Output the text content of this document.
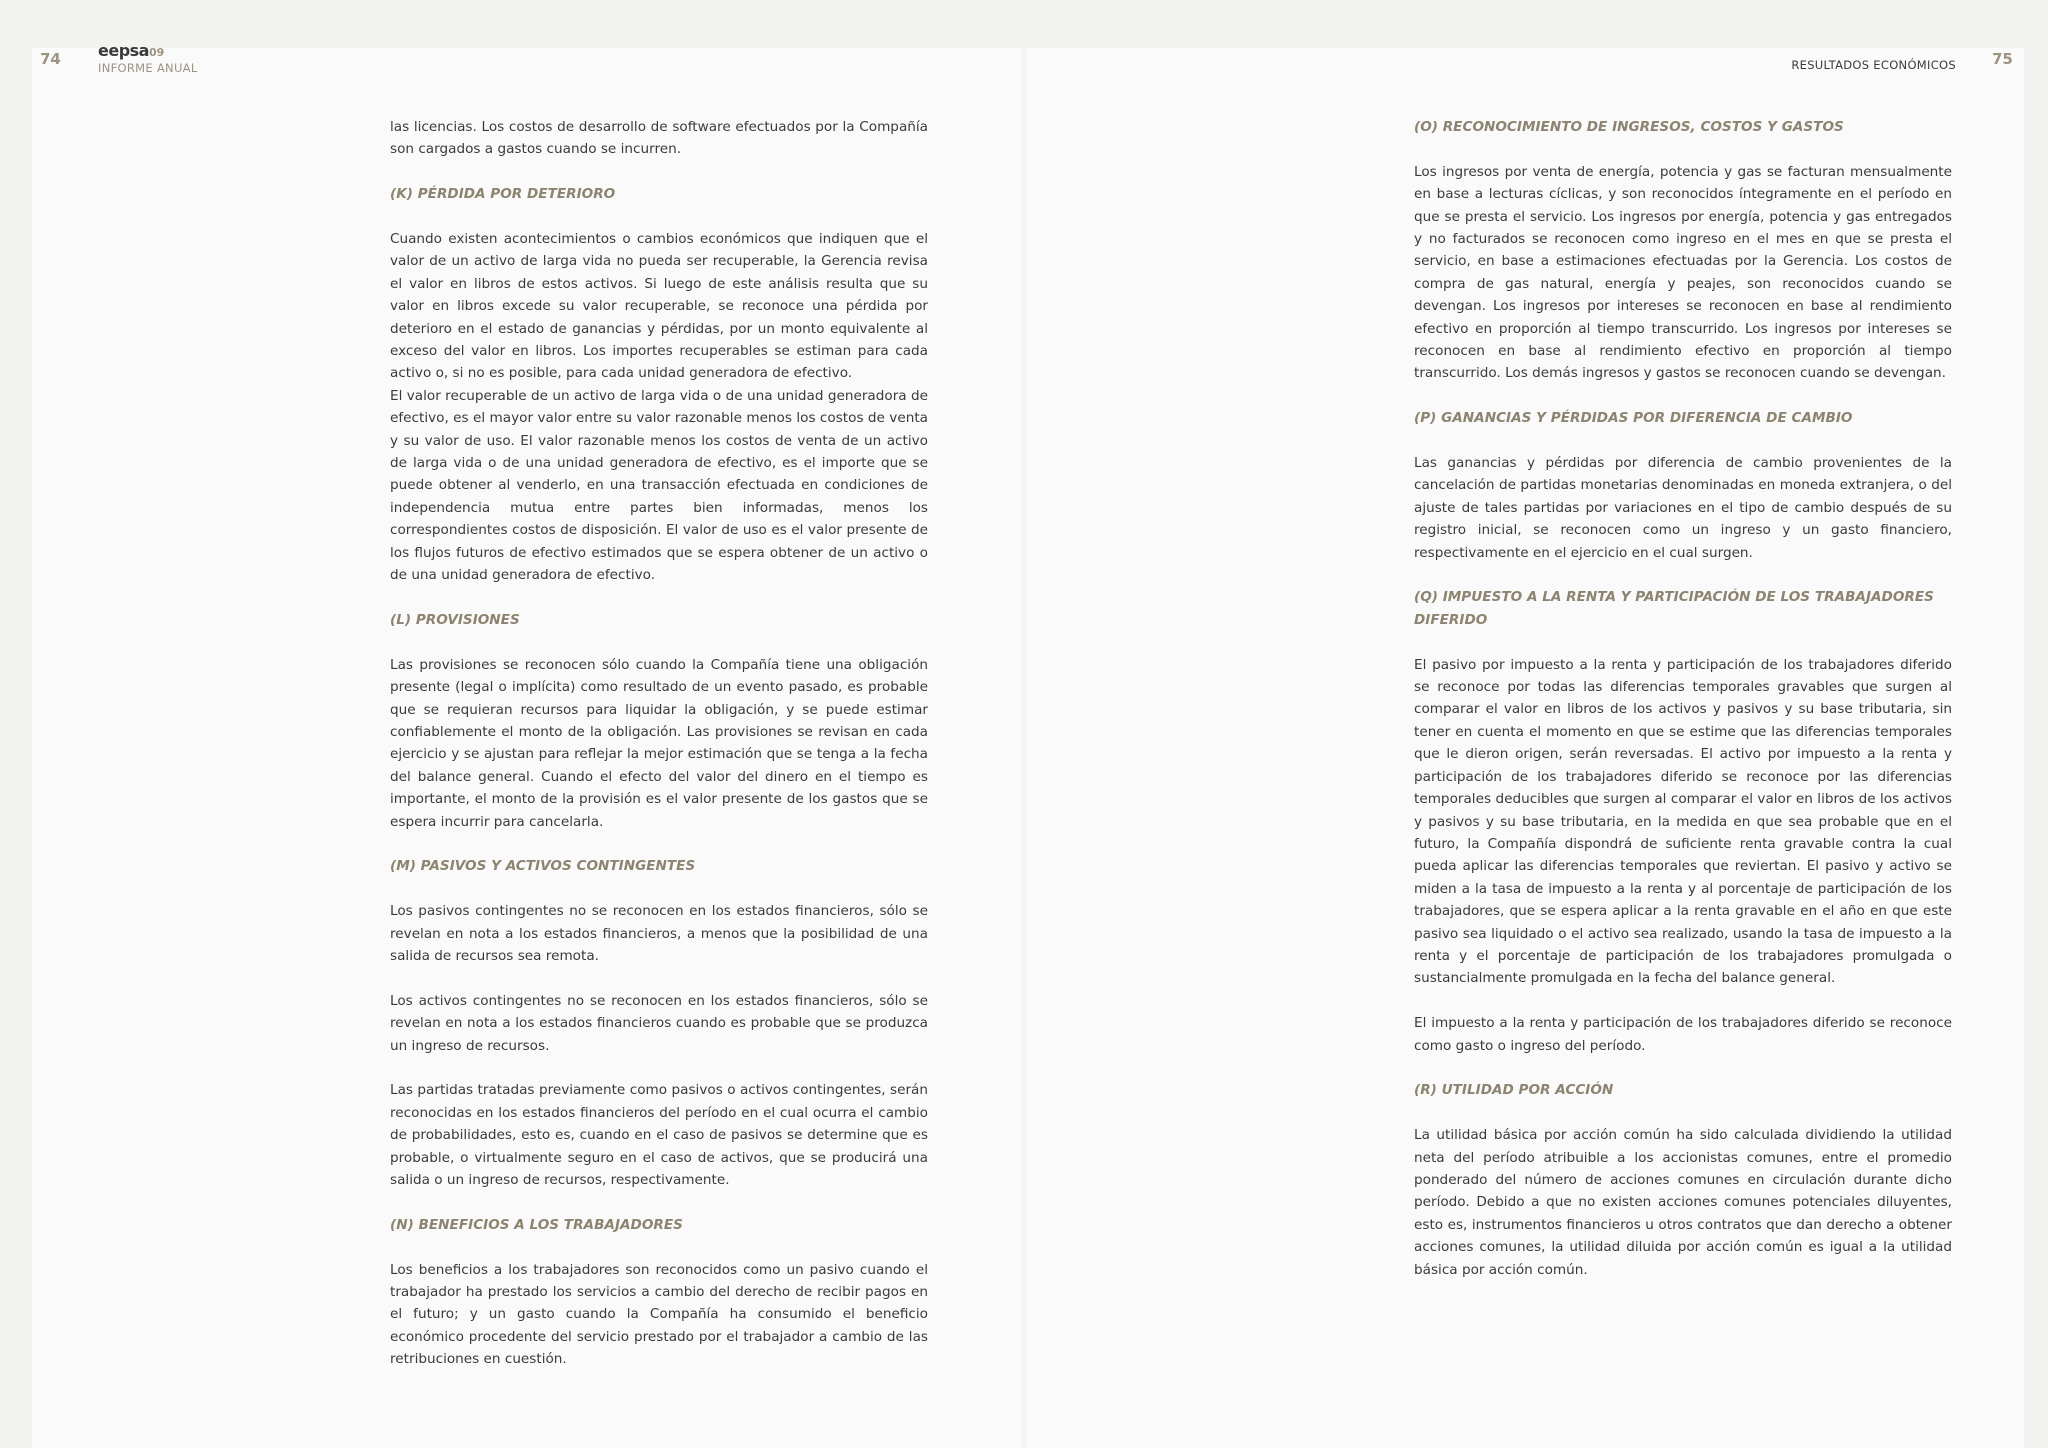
74 eepsa09
INFORME ANUAL	RESULTADOS ECONÓMICOS 75

las licencias. Los costos de desarrollo de software efectuados por la Compañía son cargados a gastos cuando se incurren.

(K) PÉRDIDA POR DETERIORO

Cuando existen acontecimientos o cambios económicos que indiquen que el valor de un activo de larga vida no pueda ser recuperable, la Gerencia revisa el valor en libros de estos activos. Si luego de este análisis resulta que su valor en libros excede su valor recuperable, se reconoce una pérdida por deterioro en el estado de ganancias y pérdidas, por un monto equivalente al exceso del valor en libros. Los importes recuperables se estiman para cada activo o, si no es posible, para cada unidad generadora de efectivo.

El valor recuperable de un activo de larga vida o de una unidad generadora de efectivo, es el mayor valor entre su valor razonable menos los costos de venta y su valor de uso. El valor razonable menos los costos de venta de un activo de larga vida o de una unidad generadora de efectivo, es el importe que se puede obtener al venderlo, en una transacción efectuada en condiciones de independencia mutua entre partes bien informadas, menos los correspondientes costos de disposición. El valor de uso es el valor presente de los flujos futuros de efectivo estimados que se espera obtener de un activo o de una unidad generadora de efectivo.

(L) PROVISIONES

Las provisiones se reconocen sólo cuando la Compañía tiene una obligación presente (legal o implícita) como resultado de un evento pasado, es probable que se requieran recursos para liquidar la obligación, y se puede estimar confiablemente el monto de la obligación. Las provisiones se revisan en cada ejercicio y se ajustan para reflejar la mejor estimación que se tenga a la fecha del balance general. Cuando el efecto del valor del dinero en el tiempo es importante, el monto de la provisión es el valor presente de los gastos que se espera incurrir para cancelarla.

(M) PASIVOS Y ACTIVOS CONTINGENTES

Los pasivos contingentes no se reconocen en los estados financieros, sólo se revelan en nota a los estados financieros, a menos que la posibilidad de una salida de recursos sea remota.

Los activos contingentes no se reconocen en los estados financieros, sólo se revelan en nota a los estados financieros cuando es probable que se produzca un ingreso de recursos.

Las partidas tratadas previamente como pasivos o activos contingentes, serán reconocidas en los estados financieros del período en el cual ocurra el cambio de probabilidades, esto es, cuando en el caso de pasivos se determine que es probable, o virtualmente seguro en el caso de activos, que se producirá una salida o un ingreso de recursos, respectivamente.

(N) BENEFICIOS A LOS TRABAJADORES

Los beneficios a los trabajadores son reconocidos como un pasivo cuando el trabajador ha prestado los servicios a cambio del derecho de recibir pagos en el futuro; y un gasto cuando la Compañía ha consumido el beneficio económico procedente del servicio prestado por el trabajador a cambio de las retribuciones en cuestión.

(O) RECONOCIMIENTO DE INGRESOS, COSTOS Y GASTOS

Los ingresos por venta de energía, potencia y gas se facturan mensualmente en base a lecturas cíclicas, y son reconocidos íntegramente en el período en que se presta el servicio. Los ingresos por energía, potencia y gas entregados y no facturados se reconocen como ingreso en el mes en que se presta el servicio, en base a estimaciones efectuadas por la Gerencia. Los costos de compra de gas natural, energía y peajes, son reconocidos cuando se devengan. Los ingresos por intereses se reconocen en base al rendimiento efectivo en proporción al tiempo transcurrido. Los ingresos por intereses se reconocen en base al rendimiento efectivo en proporción al tiempo transcurrido. Los demás ingresos y gastos se reconocen cuando se devengan.

(P) GANANCIAS Y PÉRDIDAS POR DIFERENCIA DE CAMBIO

Las ganancias y pérdidas por diferencia de cambio provenientes de la cancelación de partidas monetarias denominadas en moneda extranjera, o del ajuste de tales partidas por variaciones en el tipo de cambio después de su registro inicial, se reconocen como un ingreso y un gasto financiero, respectivamente en el ejercicio en el cual surgen.

(Q) IMPUESTO A LA RENTA Y PARTICIPACIÓN DE LOS TRABAJADORES DIFERIDO

El pasivo por impuesto a la renta y participación de los trabajadores diferido se reconoce por todas las diferencias temporales gravables que surgen al comparar el valor en libros de los activos y pasivos y su base tributaria, sin tener en cuenta el momento en que se estime que las diferencias temporales que le dieron origen, serán reversadas. El activo por impuesto a la renta y participación de los trabajadores diferido se reconoce por las diferencias temporales deducibles que surgen al comparar el valor en libros de los activos y pasivos y su base tributaria, en la medida en que sea probable que en el futuro, la Compañía dispondrá de suficiente renta gravable contra la cual pueda aplicar las diferencias temporales que reviertan. El pasivo y activo se miden a la tasa de impuesto a la renta y al porcentaje de participación de los trabajadores, que se espera aplicar a la renta gravable en el año en que este pasivo sea liquidado o el activo sea realizado, usando la tasa de impuesto a la renta y el porcentaje de participación de los trabajadores promulgada o sustancialmente promulgada en la fecha del balance general.

El impuesto a la renta y participación de los trabajadores diferido se reconoce como gasto o ingreso del período.

(R) UTILIDAD POR ACCIÓN

La utilidad básica por acción común ha sido calculada dividiendo la utilidad neta del período atribuible a los accionistas comunes, entre el promedio ponderado del número de acciones comunes en circulación durante dicho período. Debido a que no existen acciones comunes potenciales diluyentes, esto es, instrumentos financieros u otros contratos que dan derecho a obtener acciones comunes, la utilidad diluida por acción común es igual a la utilidad básica por acción común.
